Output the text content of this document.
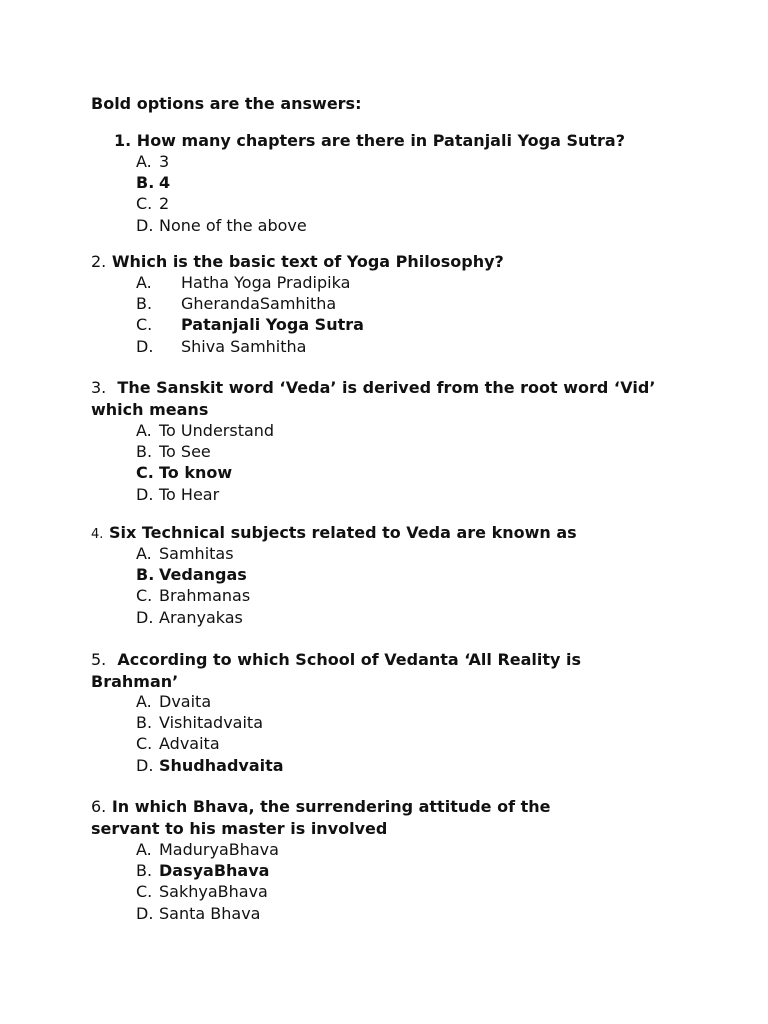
Bold options are the answers:

1. How many chapters are there in Patanjali Yoga Sutra?

A. 3
B. 4
C. 2
D. None of the above

2. Which is the basic text of Yoga Philosophy?

A. Hatha Yoga Pradipika
B. GherandaSamhitha
C. Patanjali Yoga Sutra
D. Shiva Samhitha

3. The Sanskit word ‘Veda’ is derived from the root word ‘Vid’ which means

A. To Understand
B. To See
C. To know
D. To Hear

4. Six Technical subjects related to Veda are known as

A. Samhitas
B. Vedangas
C. Brahmanas
D. Aranyakas

5. According to which School of Vedanta ‘All Reality is Brahman’

A. Dvaita
B. Vishitadvaita
C. Advaita
D. Shudhadvaita

6. In which Bhava, the surrendering attitude of the servant to his master is involved

A. MaduryaBhava
B. DasyaBhava
C. SakhyaBhava
D. Santa Bhava
